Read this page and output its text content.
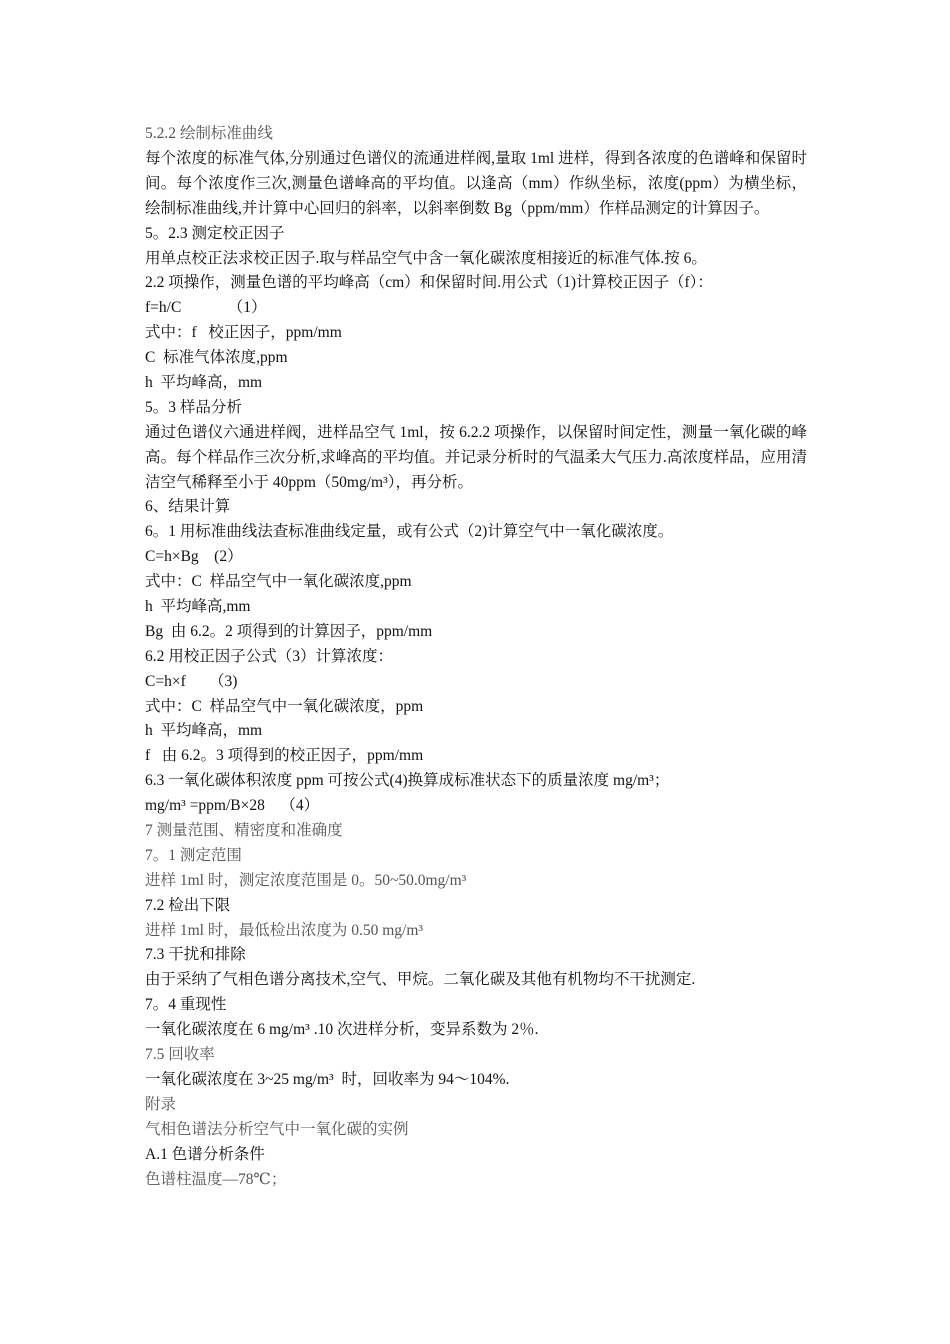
5.2.2 绘制标准曲线
每个浓度的标准气体,分别通过色谱仪的流通进样阀,量取 1ml 进样，得到各浓度的色谱峰和保留时间。每个浓度作三次,测量色谱峰高的平均值。以逢高（mm）作纵坐标，浓度(ppm）为横坐标，绘制标准曲线,并计算中心回归的斜率，以斜率倒数 Bg（ppm/mm）作样品测定的计算因子。
5。2.3 测定校正因子
用单点校正法求校正因子.取与样品空气中含一氧化碳浓度相接近的标准气体.按 6。
2.2 项操作，测量色谱的平均峰高（cm）和保留时间.用公式（1)计算校正因子（f）：
f=h/C            （1）
式中：f   校正因子，ppm/mm
C  标准气体浓度,ppm
h  平均峰高，mm
5。3 样品分析
通过色谱仪六通进样阀，进样品空气 1ml，按 6.2.2 项操作，以保留时间定性，测量一氧化碳的峰高。每个样品作三次分析,求峰高的平均值。并记录分析时的气温柔大气压力.高浓度样品，应用清洁空气稀释至小于 40ppm（50mg/m³），再分析。
6、结果计算
6。1 用标准曲线法查标准曲线定量，或有公式（2)计算空气中一氧化碳浓度。
C=h×Bg    (2）
式中：C  样品空气中一氧化碳浓度,ppm
h  平均峰高,mm
Bg  由 6.2。2 项得到的计算因子，ppm/mm
6.2 用校正因子公式（3）计算浓度：
C=h×f      （3)
式中：C  样品空气中一氧化碳浓度，ppm
h  平均峰高，mm
f   由 6.2。3 项得到的校正因子，ppm/mm
6.3 一氧化碳体积浓度 ppm 可按公式(4)换算成标准状态下的质量浓度 mg/m³；
mg/m³ =ppm/B×28    （4）
7 测量范围、精密度和准确度
7。1 测定范围
进样 1ml 时，测定浓度范围是 0。50~50.0mg/m³
7.2 检出下限
进样 1ml 时，最低检出浓度为 0.50 mg/m³
7.3 干扰和排除
由于采纳了气相色谱分离技术,空气、甲烷。二氧化碳及其他有机物均不干扰测定.
7。4 重现性
一氧化碳浓度在 6 mg/m³ .10 次进样分析，变异系数为 2％.
7.5 回收率
一氧化碳浓度在 3~25 mg/m³  时，回收率为 94～104%.
附录
气相色谱法分析空气中一氧化碳的实例
A.1 色谱分析条件
色谱柱温度—78℃；
